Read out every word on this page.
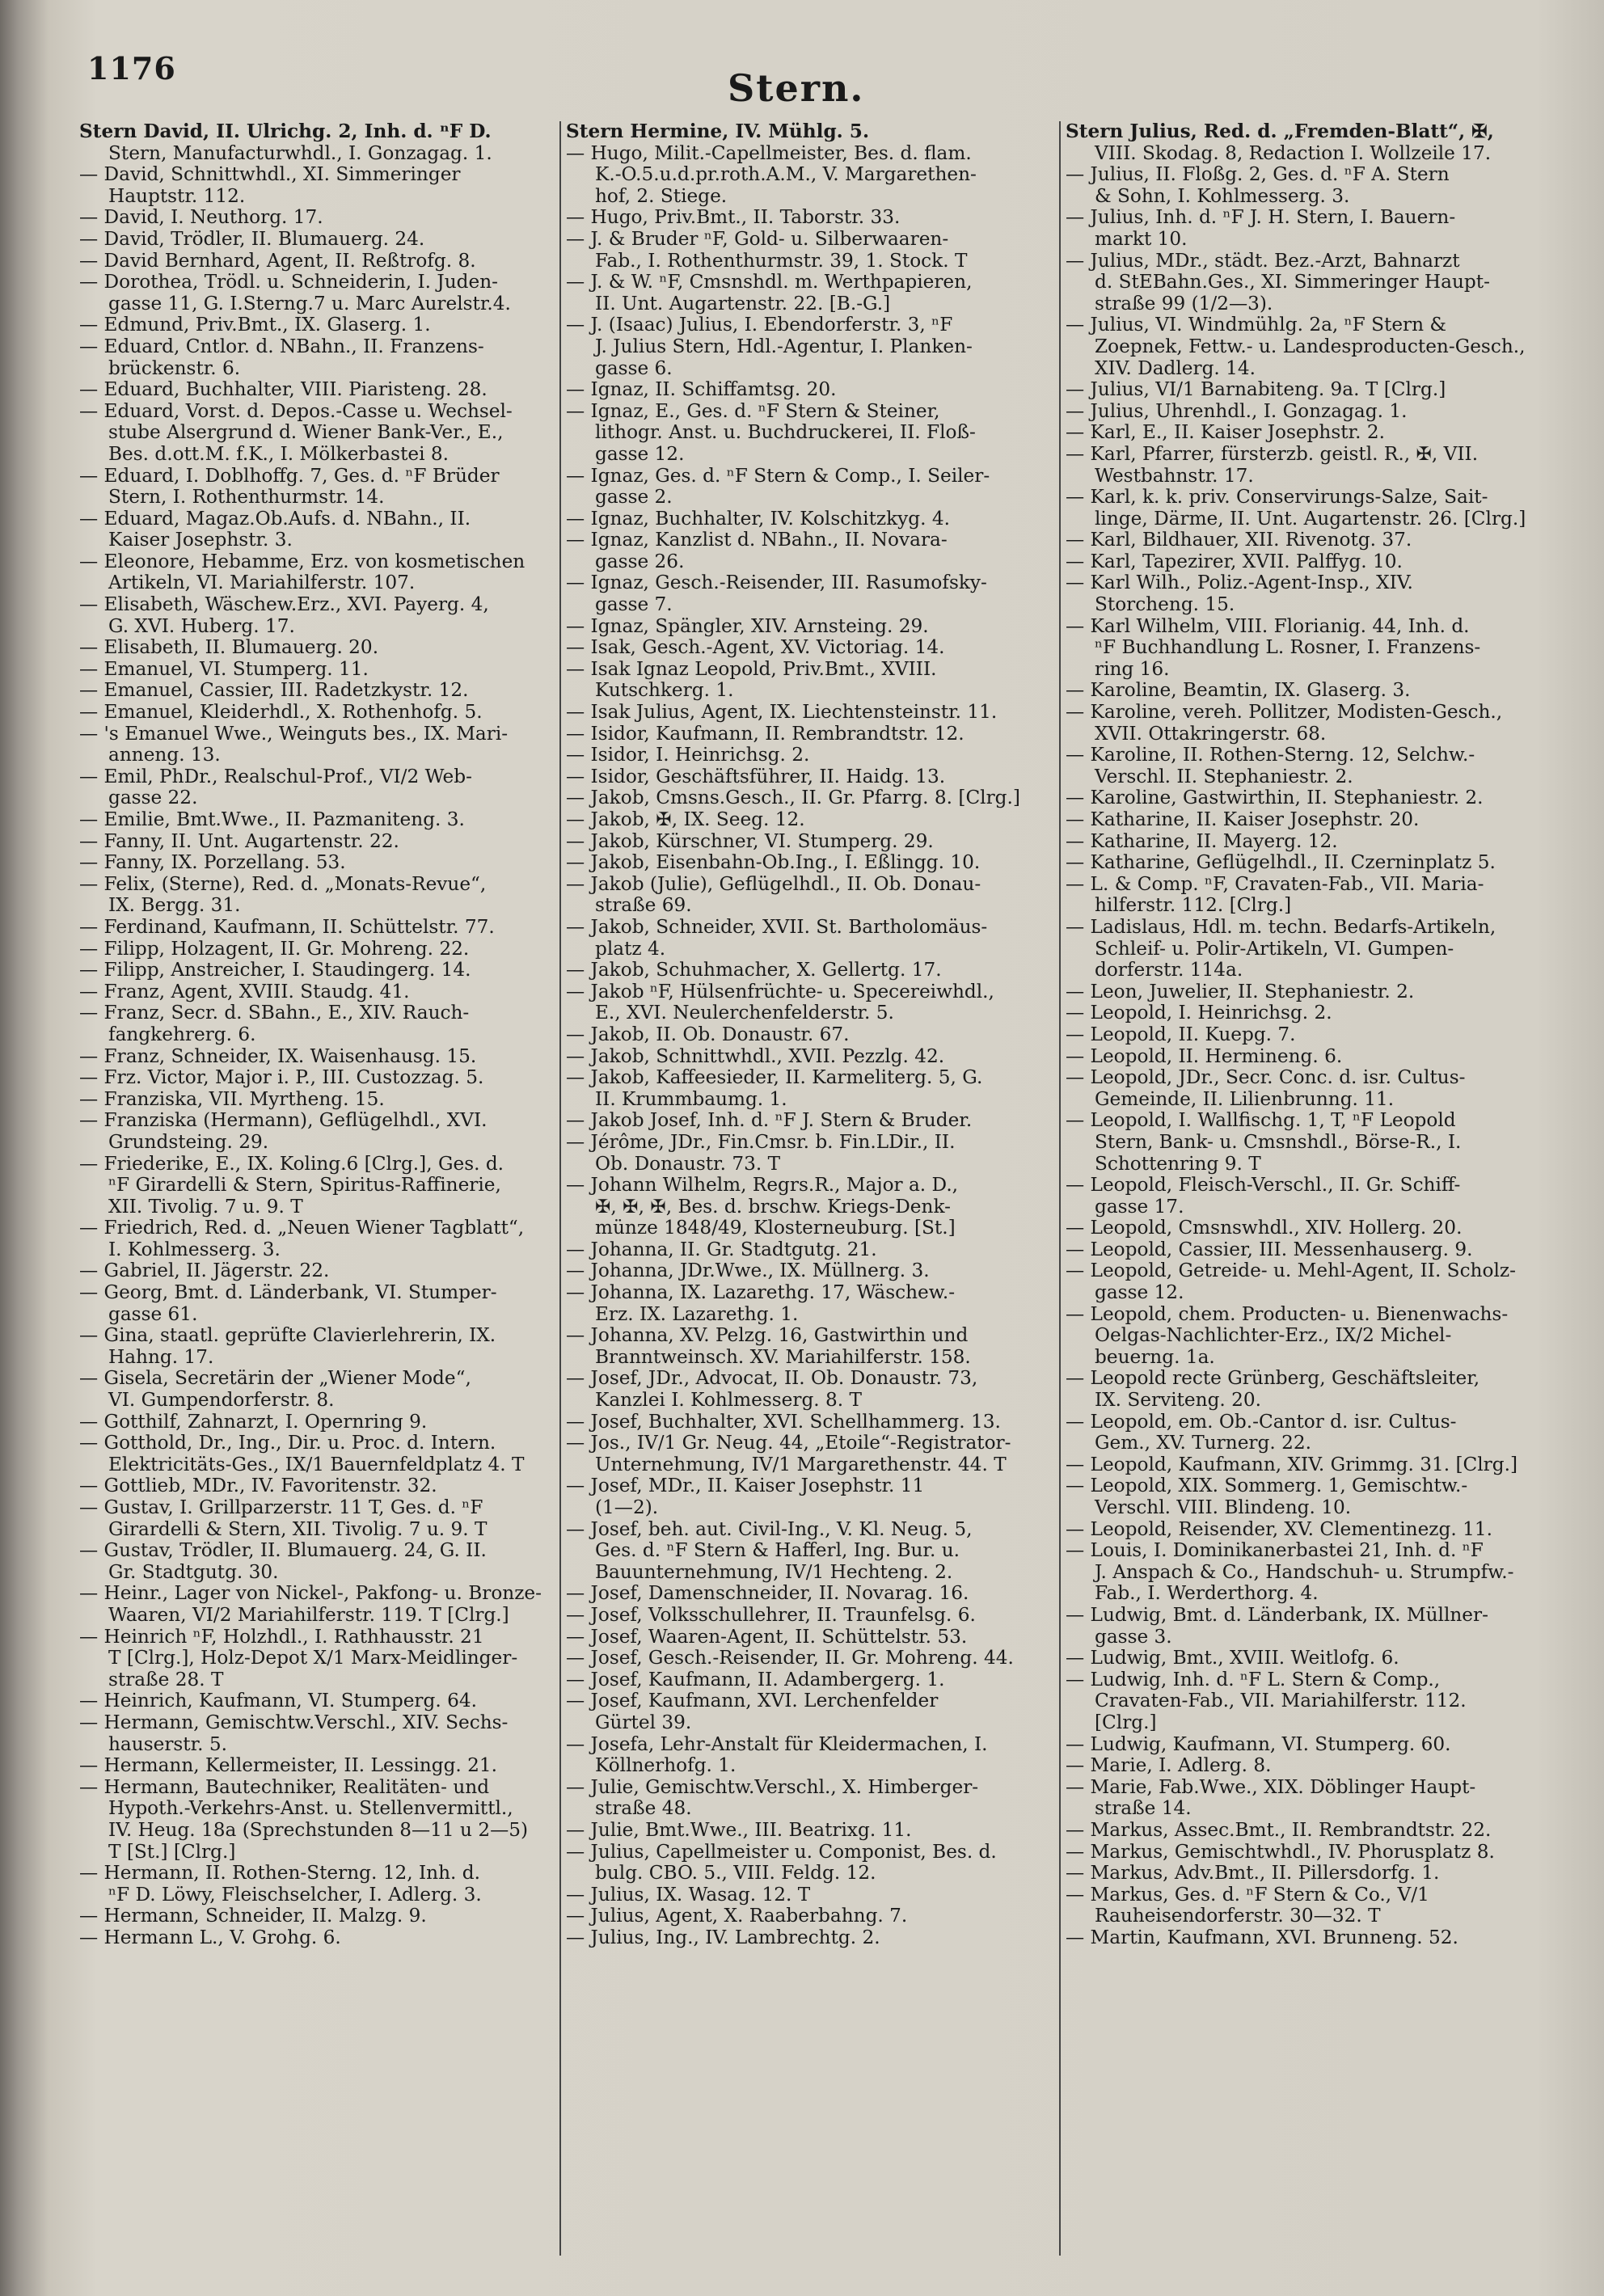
1176	Stern.
Stern David, II. Ulrichg. 2, Inh. d. ⁿF D.
Stern, Manufacturwhdl., I. Gonzagag. 1.
— David, Schnittwhdl., XI. Simmeringer
Hauptstr. 112.
— David, I. Neuthorg. 17.
— David, Trödler, II. Blumauerg. 24.
— David Bernhard, Agent, II. Reßtrofg. 8.
— Dorothea, Trödl. u. Schneiderin, I. Juden-
gasse 11, G. I.Sterng.7 u. Marc Aurelstr.4.
— Edmund, Priv.Bmt., IX. Glaserg. 1.
— Eduard, Cntlor. d. NBahn., II. Franzens-
brückenstr. 6.
— Eduard, Buchhalter, VIII. Piaristeng. 28.
— Eduard, Vorst. d. Depos.-Casse u. Wechsel-
stube Alsergrund d. Wiener Bank-Ver., E.,
Bes. d.ott.M. f.K., I. Mölkerbastei 8.
— Eduard, I. Doblhoffg. 7, Ges. d. ⁿF Brüder
Stern, I. Rothenthurmstr. 14.
— Eduard, Magaz.Ob.Aufs. d. NBahn., II.
Kaiser Josephstr. 3.
— Eleonore, Hebamme, Erz. von kosmetischen
Artikeln, VI. Mariahilferstr. 107.
— Elisabeth, Wäschew.Erz., XVI. Payerg. 4,
G. XVI. Huberg. 17.
— Elisabeth, II. Blumauerg. 20.
— Emanuel, VI. Stumperg. 11.
— Emanuel, Cassier, III. Radetzkystr. 12.
— Emanuel, Kleiderhdl., X. Rothenhofg. 5.
— 's Emanuel Wwe., Weinguts bes., IX. Mari-
anneng. 13.
— Emil, PhDr., Realschul-Prof., VI/2 Web-
gasse 22.
— Emilie, Bmt.Wwe., II. Pazmaniteng. 3.
— Fanny, II. Unt. Augartenstr. 22.
— Fanny, IX. Porzellang. 53.
— Felix, (Sterne), Red. d. „Monats-Revue“,
IX. Bergg. 31.
— Ferdinand, Kaufmann, II. Schüttelstr. 77.
— Filipp, Holzagent, II. Gr. Mohreng. 22.
— Filipp, Anstreicher, I. Staudingerg. 14.
— Franz, Agent, XVIII. Staudg. 41.
— Franz, Secr. d. SBahn., E., XIV. Rauch-
fangkehrerg. 6.
— Franz, Schneider, IX. Waisenhausg. 15.
— Frz. Victor, Major i. P., III. Custozzag. 5.
— Franziska, VII. Myrtheng. 15.
— Franziska (Hermann), Geflügelhdl., XVI.
Grundsteing. 29.
— Friederike, E., IX. Koling.6 [Clrg.], Ges. d.
ⁿF Girardelli & Stern, Spiritus-Raffinerie,
XII. Tivolig. 7 u. 9. T
— Friedrich, Red. d. „Neuen Wiener Tagblatt“,
I. Kohlmesserg. 3.
— Gabriel, II. Jägerstr. 22.
— Georg, Bmt. d. Länderbank, VI. Stumper-
gasse 61.
— Gina, staatl. geprüfte Clavierlehrerin, IX.
Hahng. 17.
— Gisela, Secretärin der „Wiener Mode“,
VI. Gumpendorferstr. 8.
— Gotthilf, Zahnarzt, I. Opernring 9.
— Gotthold, Dr., Ing., Dir. u. Proc. d. Intern.
Elektricitäts-Ges., IX/1 Bauernfeldplatz 4. T
— Gottlieb, MDr., IV. Favoritenstr. 32.
— Gustav, I. Grillparzerstr. 11 T, Ges. d. ⁿF
Girardelli & Stern, XII. Tivolig. 7 u. 9. T
— Gustav, Trödler, II. Blumauerg. 24, G. II.
Gr. Stadtgutg. 30.
— Heinr., Lager von Nickel-, Pakfong- u. Bronze-
Waaren, VI/2 Mariahilferstr. 119. T [Clrg.]
— Heinrich ⁿF, Holzhdl., I. Rathhausstr. 21
T [Clrg.], Holz-Depot X/1 Marx-Meidlinger-
straße 28. T
— Heinrich, Kaufmann, VI. Stumperg. 64.
— Hermann, Gemischtw.Verschl., XIV. Sechs-
hauserstr. 5.
— Hermann, Kellermeister, II. Lessingg. 21.
— Hermann, Bautechniker, Realitäten- und
Hypoth.-Verkehrs-Anst. u. Stellenvermittl.,
IV. Heug. 18a (Sprechstunden 8—11 u 2—5)
T [St.] [Clrg.]
— Hermann, II. Rothen-Sterng. 12, Inh. d.
ⁿF D. Löwy, Fleischselcher, I. Adlerg. 3.
— Hermann, Schneider, II. Malzg. 9.
— Hermann L., V. Grohg. 6.
Stern Hermine, IV. Mühlg. 5.
— Hugo, Milit.-Capellmeister, Bes. d. flam.
K.-O.5.u.d.pr.roth.A.M., V. Margarethen-
hof, 2. Stiege.
— Hugo, Priv.Bmt., II. Taborstr. 33.
— J. & Bruder ⁿF, Gold- u. Silberwaaren-
Fab., I. Rothenthurmstr. 39, 1. Stock. T
— J. & W. ⁿF, Cmsnshdl. m. Werthpapieren,
II. Unt. Augartenstr. 22. [B.-G.]
— J. (Isaac) Julius, I. Ebendorferstr. 3, ⁿF
J. Julius Stern, Hdl.-Agentur, I. Planken-
gasse 6.
— Ignaz, II. Schiffamtsg. 20.
— Ignaz, E., Ges. d. ⁿF Stern & Steiner,
lithogr. Anst. u. Buchdruckerei, II. Floß-
gasse 12.
— Ignaz, Ges. d. ⁿF Stern & Comp., I. Seiler-
gasse 2.
— Ignaz, Buchhalter, IV. Kolschitzkyg. 4.
— Ignaz, Kanzlist d. NBahn., II. Novara-
gasse 26.
— Ignaz, Gesch.-Reisender, III. Rasumofsky-
gasse 7.
— Ignaz, Spängler, XIV. Arnsteing. 29.
— Isak, Gesch.-Agent, XV. Victoriag. 14.
— Isak Ignaz Leopold, Priv.Bmt., XVIII.
Kutschkerg. 1.
— Isak Julius, Agent, IX. Liechtensteinstr. 11.
— Isidor, Kaufmann, II. Rembrandtstr. 12.
— Isidor, I. Heinrichsg. 2.
— Isidor, Geschäftsführer, II. Haidg. 13.
— Jakob, Cmsns.Gesch., II. Gr. Pfarrg. 8. [Clrg.]
— Jakob, ✠, IX. Seeg. 12.
— Jakob, Kürschner, VI. Stumperg. 29.
— Jakob, Eisenbahn-Ob.Ing., I. Eßlingg. 10.
— Jakob (Julie), Geflügelhdl., II. Ob. Donau-
straße 69.
— Jakob, Schneider, XVII. St. Bartholomäus-
platz 4.
— Jakob, Schuhmacher, X. Gellertg. 17.
— Jakob ⁿF, Hülsenfrüchte- u. Specereiwhdl.,
E., XVI. Neulerchenfelderstr. 5.
— Jakob, II. Ob. Donaustr. 67.
— Jakob, Schnittwhdl., XVII. Pezzlg. 42.
— Jakob, Kaffeesieder, II. Karmeliterg. 5, G.
II. Krummbaumg. 1.
— Jakob Josef, Inh. d. ⁿF J. Stern & Bruder.
— Jérôme, JDr., Fin.Cmsr. b. Fin.LDir., II.
Ob. Donaustr. 73. T
— Johann Wilhelm, Regrs.R., Major a. D.,
✠, ✠, ✠, Bes. d. brschw. Kriegs-Denk-
münze 1848/49, Klosterneuburg. [St.]
— Johanna, II. Gr. Stadtgutg. 21.
— Johanna, JDr.Wwe., IX. Müllnerg. 3.
— Johanna, IX. Lazarethg. 17, Wäschew.-
Erz. IX. Lazarethg. 1.
— Johanna, XV. Pelzg. 16, Gastwirthin und
Branntweinsch. XV. Mariahilferstr. 158.
— Josef, JDr., Advocat, II. Ob. Donaustr. 73,
Kanzlei I. Kohlmesserg. 8. T
— Josef, Buchhalter, XVI. Schellhammerg. 13.
— Jos., IV/1 Gr. Neug. 44, „Etoile“-Registrator-
Unternehmung, IV/1 Margarethenstr. 44. T
— Josef, MDr., II. Kaiser Josephstr. 11
(1—2).
— Josef, beh. aut. Civil-Ing., V. Kl. Neug. 5,
Ges. d. ⁿF Stern & Hafferl, Ing. Bur. u.
Bauunternehmung, IV/1 Hechteng. 2.
— Josef, Damenschneider, II. Novarag. 16.
— Josef, Volksschullehrer, II. Traunfelsg. 6.
— Josef, Waaren-Agent, II. Schüttelstr. 53.
— Josef, Gesch.-Reisender, II. Gr. Mohreng. 44.
— Josef, Kaufmann, II. Adambergerg. 1.
— Josef, Kaufmann, XVI. Lerchenfelder
Gürtel 39.
— Josefa, Lehr-Anstalt für Kleidermachen, I.
Köllnerhofg. 1.
— Julie, Gemischtw.Verschl., X. Himberger-
straße 48.
— Julie, Bmt.Wwe., III. Beatrixg. 11.
— Julius, Capellmeister u. Componist, Bes. d.
bulg. CBO. 5., VIII. Feldg. 12.
— Julius, IX. Wasag. 12. T
— Julius, Agent, X. Raaberbahng. 7.
— Julius, Ing., IV. Lambrechtg. 2.
Stern Julius, Red. d. „Fremden-Blatt“, ✠,
VIII. Skodag. 8, Redaction I. Wollzeile 17.
— Julius, II. Floßg. 2, Ges. d. ⁿF A. Stern
& Sohn, I. Kohlmesserg. 3.
— Julius, Inh. d. ⁿF J. H. Stern, I. Bauern-
markt 10.
— Julius, MDr., städt. Bez.-Arzt, Bahnarzt
d. StEBahn.Ges., XI. Simmeringer Haupt-
straße 99 (1/2—3).
— Julius, VI. Windmühlg. 2a, ⁿF Stern &
Zoepnek, Fettw.- u. Landesproducten-Gesch.,
XIV. Dadlerg. 14.
— Julius, VI/1 Barnabiteng. 9a. T [Clrg.]
— Julius, Uhrenhdl., I. Gonzagag. 1.
— Karl, E., II. Kaiser Josephstr. 2.
— Karl, Pfarrer, fürsterzb. geistl. R., ✠, VII.
Westbahnstr. 17.
— Karl, k. k. priv. Conservirungs-Salze, Sait-
linge, Därme, II. Unt. Augartenstr. 26. [Clrg.]
— Karl, Bildhauer, XII. Rivenotg. 37.
— Karl, Tapezirer, XVII. Palffyg. 10.
— Karl Wilh., Poliz.-Agent-Insp., XIV.
Storcheng. 15.
— Karl Wilhelm, VIII. Florianig. 44, Inh. d.
ⁿF Buchhandlung L. Rosner, I. Franzens-
ring 16.
— Karoline, Beamtin, IX. Glaserg. 3.
— Karoline, vereh. Pollitzer, Modisten-Gesch.,
XVII. Ottakringerstr. 68.
— Karoline, II. Rothen-Sterng. 12, Selchw.-
Verschl. II. Stephaniestr. 2.
— Karoline, Gastwirthin, II. Stephaniestr. 2.
— Katharine, II. Kaiser Josephstr. 20.
— Katharine, II. Mayerg. 12.
— Katharine, Geflügelhdl., II. Czerninplatz 5.
— L. & Comp. ⁿF, Cravaten-Fab., VII. Maria-
hilferstr. 112. [Clrg.]
— Ladislaus, Hdl. m. techn. Bedarfs-Artikeln,
Schleif- u. Polir-Artikeln, VI. Gumpen-
dorferstr. 114a.
— Leon, Juwelier, II. Stephaniestr. 2.
— Leopold, I. Heinrichsg. 2.
— Leopold, II. Kuepg. 7.
— Leopold, II. Hermineng. 6.
— Leopold, JDr., Secr. Conc. d. isr. Cultus-
Gemeinde, II. Lilienbrunng. 11.
— Leopold, I. Wallfischg. 1, T, ⁿF Leopold
Stern, Bank- u. Cmsnshdl., Börse-R., I.
Schottenring 9. T
— Leopold, Fleisch-Verschl., II. Gr. Schiff-
gasse 17.
— Leopold, Cmsnswhdl., XIV. Hollerg. 20.
— Leopold, Cassier, III. Messenhauserg. 9.
— Leopold, Getreide- u. Mehl-Agent, II. Scholz-
gasse 12.
— Leopold, chem. Producten- u. Bienenwachs-
Oelgas-Nachlichter-Erz., IX/2 Michel-
beuerng. 1a.
— Leopold recte Grünberg, Geschäftsleiter,
IX. Serviteng. 20.
— Leopold, em. Ob.-Cantor d. isr. Cultus-
Gem., XV. Turnerg. 22.
— Leopold, Kaufmann, XIV. Grimmg. 31. [Clrg.]
— Leopold, XIX. Sommerg. 1, Gemischtw.-
Verschl. VIII. Blindeng. 10.
— Leopold, Reisender, XV. Clementinezg. 11.
— Louis, I. Dominikanerbastei 21, Inh. d. ⁿF
J. Anspach & Co., Handschuh- u. Strumpfw.-
Fab., I. Werderthorg. 4.
— Ludwig, Bmt. d. Länderbank, IX. Müllner-
gasse 3.
— Ludwig, Bmt., XVIII. Weitlofg. 6.
— Ludwig, Inh. d. ⁿF L. Stern & Comp.,
Cravaten-Fab., VII. Mariahilferstr. 112.
[Clrg.]
— Ludwig, Kaufmann, VI. Stumperg. 60.
— Marie, I. Adlerg. 8.
— Marie, Fab.Wwe., XIX. Döblinger Haupt-
straße 14.
— Markus, Assec.Bmt., II. Rembrandtstr. 22.
— Markus, Gemischtwhdl., IV. Phorusplatz 8.
— Markus, Adv.Bmt., II. Pillersdorfg. 1.
— Markus, Ges. d. ⁿF Stern & Co., V/1
Rauheisendorferstr. 30—32. T
— Martin, Kaufmann, XVI. Brunneng. 52.
